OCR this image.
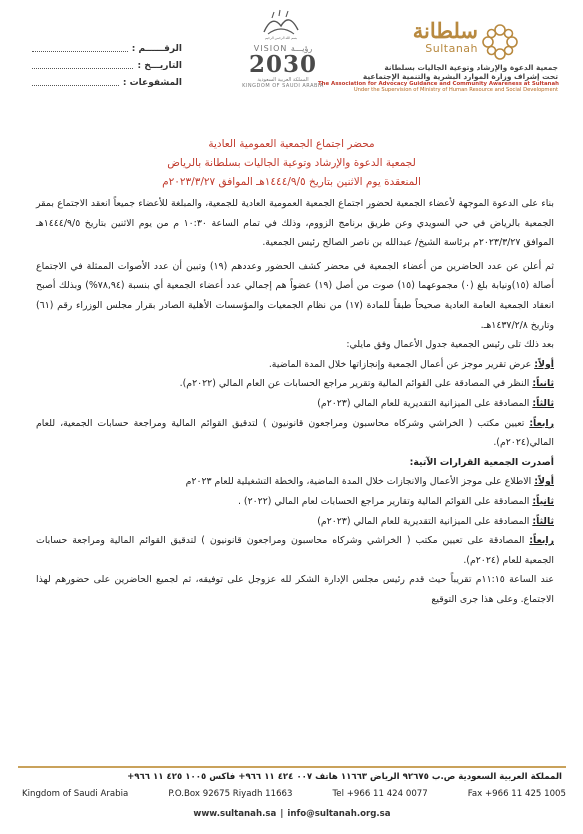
الرقــــــم :
التاريـــخ :
المشفوعات :
ﺑﺴﻢ ﺍﻟﻠﻪ ﺍﻟﺮﺣﻤﻦ ﺍﻟﺮﺣﻴﻢ
VISION رؤيـــة
2030
المملكة العربية السعودية
KINGDOM OF SAUDI ARABIA
سلطانة
Sultanah
جمعية الدعوة والإرشاد وتوعية الجاليات بسلطانة
تحت إشراف وزارة الموارد البشرية والتنمية الإجتماعية
The Association for Advocacy Guidance and Community Awareness at Sultanah
Under the Supervision of Ministry of Human Resource and Social Development
محضر اجتماع الجمعية العمومية العادية
لجمعية الدعوة والإرشاد وتوعية الجاليات بسلطانة بالرياض
المنعقدة يوم الاثنين بتاريخ ١٤٤٤/٩/٥هـ الموافق ٢٠٢٣/٣/٢٧م

بناء على الدعوة الموجهة لأعضاء الجمعية لحضور اجتماع الجمعية العمومية العادية للجمعية، والمبلغة للأعضاء جميعاً انعقد الاجتماع بمقر الجمعية بالرياض في حي السويدي وعن طريق برنامج الزووم، وذلك في تمام الساعة ١٠:٣٠ م من يوم الاثنين بتاريخ ١٤٤٤/٩/٥هـ الموافق ٢٠٢٣/٣/٢٧م برئاسة الشيخ/ عبدالله بن ناصر الصالح رئيس الجمعية.

ثم أعلن عن عدد الحاضرين من أعضاء الجمعية في محضر كشف الحضور وعددهم (١٩) وتبين أن عدد الأصوات الممثلة في الاجتماع أصالة (١٥)ونيابة بلغ (٠) مجموعهما (١٥) صوت من أصل (١٩) عضواً هم إجمالي عدد أعضاء الجمعية أي بنسبة (٧٨,٩٤%) وبذلك أصبح انعقاد الجمعية العامة العادية صحيحاً طبقاً للمادة (١٧) من نظام الجمعيات والمؤسسات الأهلية الصادر بقرار مجلس الوزراء رقم (٦١) وتاريخ ١٤٣٧/٢/٨هـ.

بعد ذلك تلى رئيس الجمعية جدول الأعمال وفق مايلي:

أولاً: عرض تقرير موجز عن أعمال الجمعية وإنجازاتها خلال المدة الماضية.

ثانياً: النظر في المصادقة على القوائم المالية وتقرير مراجع الحسابات عن العام المالي (٢٠٢٢م).

ثالثاً: المصادقة على الميزانية التقديرية للعام المالي (٢٠٢٣م)

رابعاً: تعيين مكتب ( الخراشي وشركاه محاسبون ومراجعون قانونيون ) لتدقيق القوائم المالية ومراجعة حسابات الجمعية، للعام المالي(٢٠٢٤م).

أصدرت الجمعية القرارات الآتية:

أولاً: الاطلاع على موجز الأعمال والانجازات خلال المدة الماضية، والخطة التشغيلية للعام ٢٠٢٣م

ثانياً: المصادقة على القوائم المالية وتقارير مراجع الحسابات لعام المالي (٢٠٢٢) .

ثالثاً: المصادقة على الميزانية التقديرية للعام المالي (٢٠٢٣م)

رابعاً: المصادقة على تعيين مكتب ( الخراشي وشركاه محاسبون ومراجعون قانونيون ) لتدقيق القوائم المالية ومراجعة حسابات الجمعية للعام (٢٠٢٤م).

عند الساعة ١١:١٥م تقريباً حيث قدم رئيس مجلس الإدارة الشكر لله عزوجل على توفيقه، ثم لجميع الحاضرين على حضورهم لهذا الاجتماع. وعلى هذا جرى التوقيع

المملكة العربية السعودية ص.ب ٩٢٦٧٥ الرياض ١١٦٦٣ هاتف ٠٠٧ ٤٢٤ ١١ ٩٦٦+ فاكس ١٠٠٥ ٤٢٥ ١١ ٩٦٦+
Kingdom of Saudi Arabia	P.O.Box 92675 Riyadh 11663	Tel +966 11 424 0077	Fax +966 11 425 1005
www.sultanah.sa | info@sultanah.org.sa
